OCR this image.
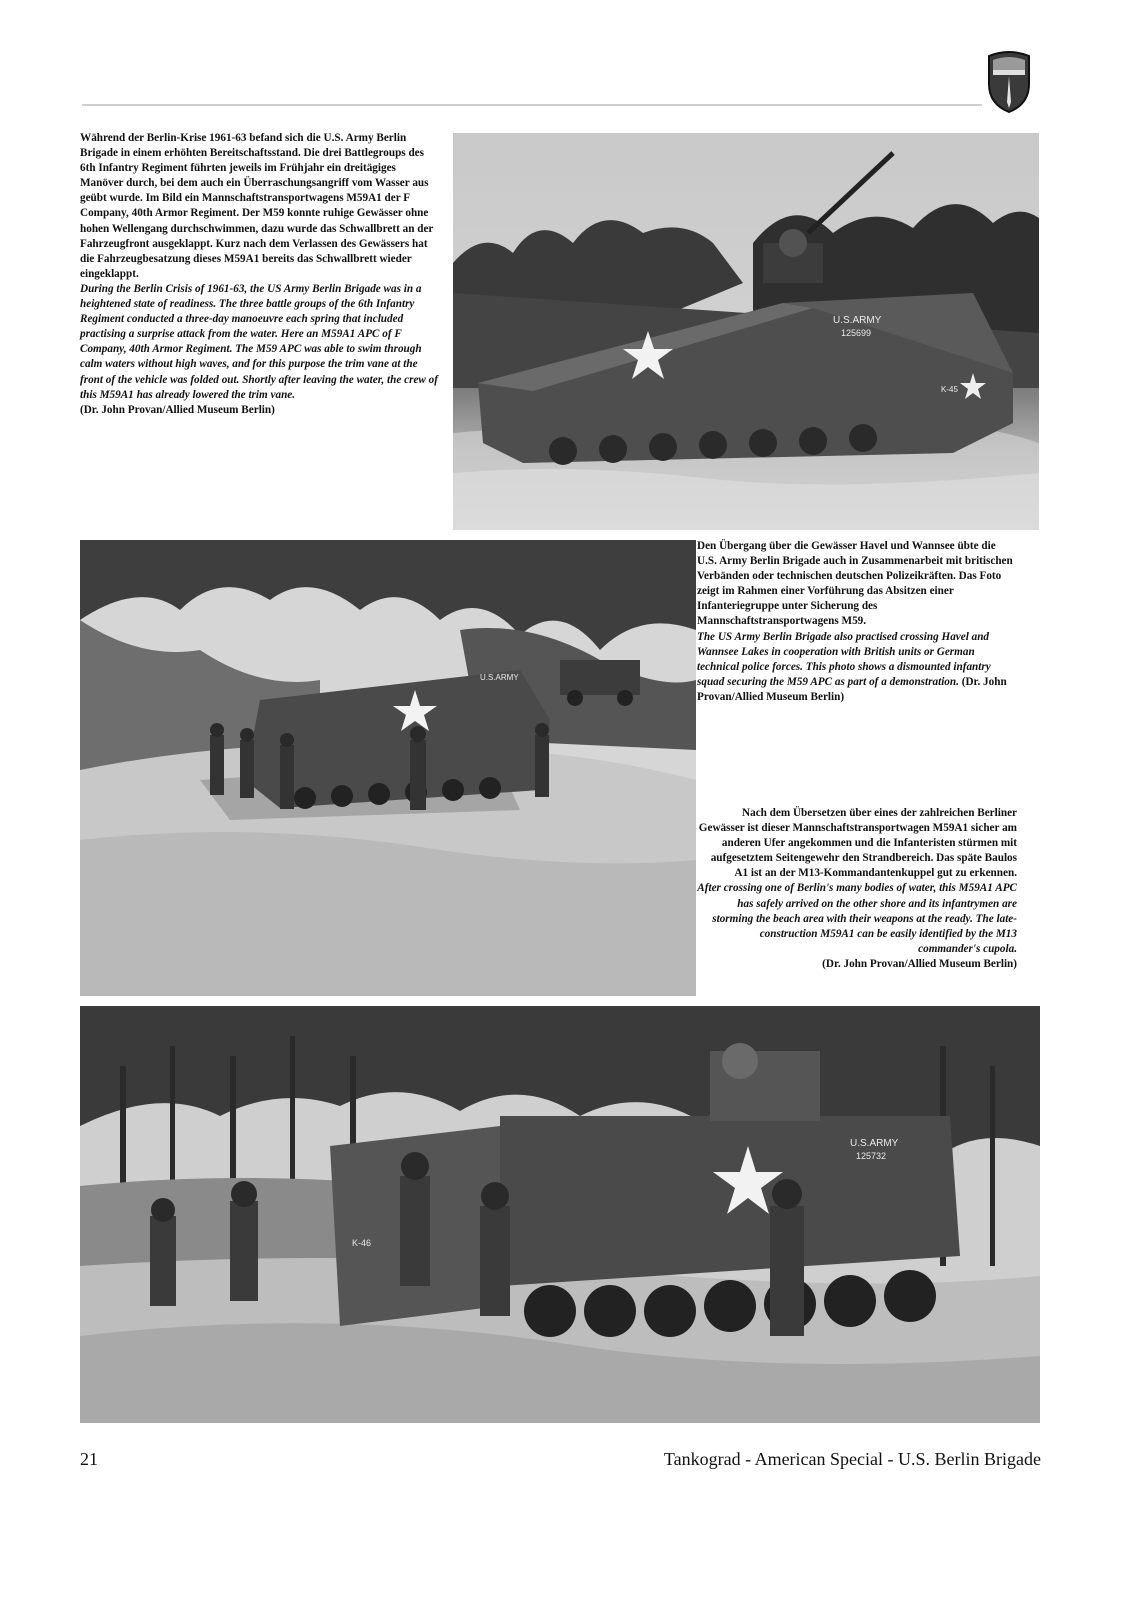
Während der Berlin-Krise 1961-63 befand sich die U.S. Army Berlin Brigade in einem erhöhten Bereitschaftsstand. Die drei Battlegroups des 6th Infantry Regiment führten jeweils im Frühjahr ein dreitägiges Manöver durch, bei dem auch ein Überraschungsangriff vom Wasser aus geübt wurde. Im Bild ein Mannschaftstransportwagens M59A1 der F Company, 40th Armor Regiment. Der M59 konnte ruhige Gewässer ohne hohen Wellengang durchschwimmen, dazu wurde das Schwallbrett an der Fahrzeugfront ausgeklappt. Kurz nach dem Verlassen des Gewässers hat die Fahrzeugbesatzung dieses M59A1 bereits das Schwallbrett wieder eingeklappt.

During the Berlin Crisis of 1961-63, the US Army Berlin Brigade was in a heightened state of readiness. The three battle groups of the 6th Infantry Regiment conducted a three-day manoeuvre each spring that included practising a surprise attack from the water. Here an M59A1 APC of F Company, 40th Armor Regiment. The M59 APC was able to swim through calm waters without high waves, and for this purpose the trim vane at the front of the vehicle was folded out. Shortly after leaving the water, the crew of this M59A1 has already lowered the trim vane.

(Dr. John Provan/Allied Museum Berlin)

U.S.ARMY
125699
K-45
U.S.ARMY

Den Übergang über die Gewässer Havel und Wannsee übte die U.S. Army Berlin Brigade auch in Zusammenarbeit mit britischen Verbänden oder technischen deutschen Polizeikräften. Das Foto zeigt im Rahmen einer Vorführung das Absitzen einer Infanteriegruppe unter Sicherung des Mannschaftstransportwagens M59.

The US Army Berlin Brigade also practised crossing Havel and Wannsee Lakes in cooperation with British units or German technical police forces. This photo shows a dismounted infantry squad securing the M59 APC as part of a demonstration. (Dr. John Provan/Allied Museum Berlin)

Nach dem Übersetzen über eines der zahlreichen Berliner Gewässer ist dieser Mannschaftstransportwagen M59A1 sicher am anderen Ufer angekommen und die Infanteristen stürmen mit aufgesetztem Seitengewehr den Strandbereich. Das späte Baulos A1 ist an der M13-Kommandantenkuppel gut zu erkennen.

After crossing one of Berlin's many bodies of water, this M59A1 APC has safely arrived on the other shore and its infantrymen are storming the beach area with their weapons at the ready. The late-construction M59A1 can be easily identified by the M13 commander's cupola.

(Dr. John Provan/Allied Museum Berlin)

U.S.ARMY
125732
K-46
21	Tankograd - American Special - U.S. Berlin Brigade
